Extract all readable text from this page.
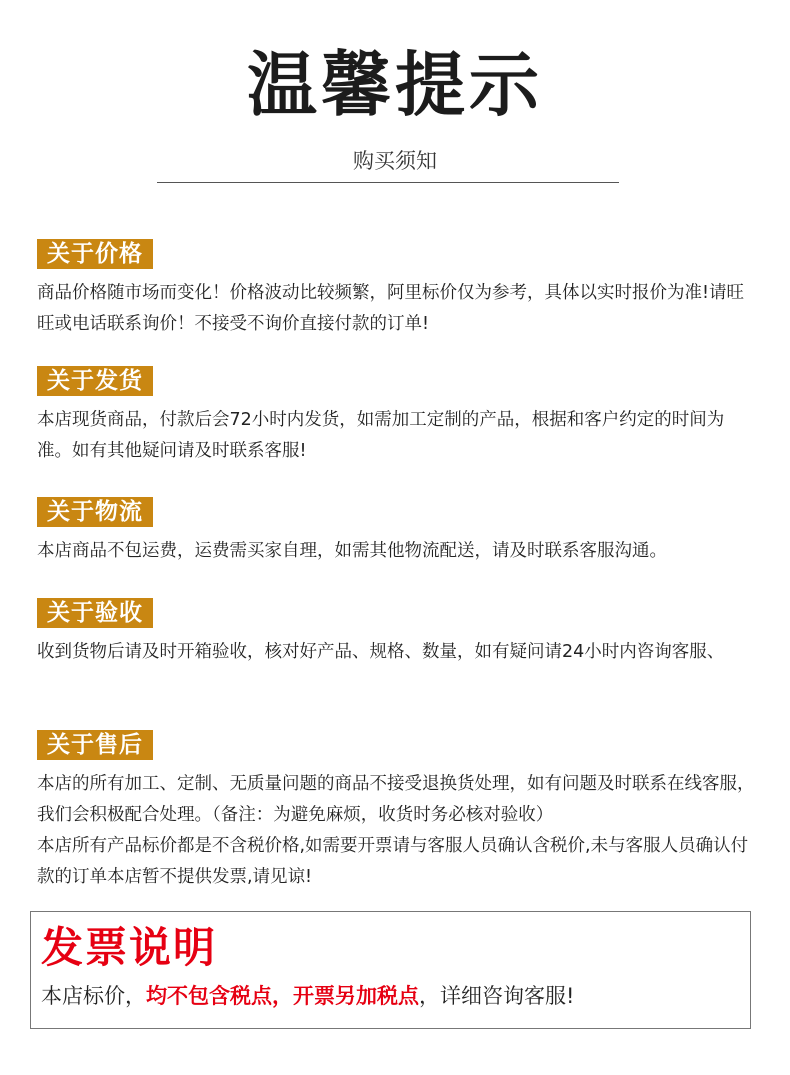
温馨提示
购买须知
关于价格
商品价格随市场而变化！价格波动比较频繁，阿里标价仅为参考，具体以实时报价为准!请旺旺或电话联系询价！不接受不询价直接付款的订单!
关于发货
本店现货商品，付款后会72小时内发货，如需加工定制的产品，根据和客户约定的时间为准。如有其他疑问请及时联系客服!
关于物流
本店商品不包运费，运费需买家自理，如需其他物流配送，请及时联系客服沟通。
关于验收
收到货物后请及时开箱验收，核对好产品、规格、数量，如有疑问请24小时内咨询客服、
关于售后
本店的所有加工、定制、无质量问题的商品不接受退换货处理，如有问题及时联系在线客服，我们会积极配合处理。（备注：为避免麻烦，收货时务必核对验收）
本店所有产品标价都是不含税价格,如需要开票请与客服人员确认含税价,未与客服人员确认付款的订单本店暂不提供发票,请见谅!
发票说明
本店标价，均不包含税点，开票另加税点，详细咨询客服!
